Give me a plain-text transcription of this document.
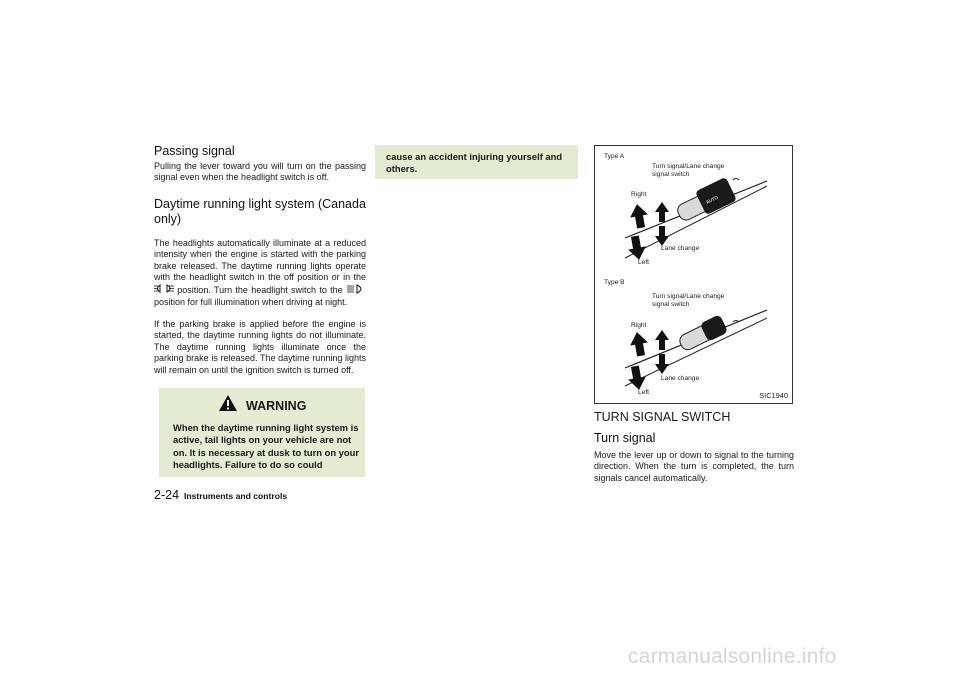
Passing signal

Pulling the lever toward you will turn on the passing signal even when the headlight switch is off.

Daytime running light system (Canada
only)

The headlights automatically illuminate at a reduced intensity when the engine is started with the parking brake released. The daytime running lights operate with the headlight switch in the off position or in the  position. Turn the headlight switch to the  position for full illumination when driving at night.

If the parking brake is applied before the engine is started, the daytime running lights do not illuminate. The daytime running lights illuminate once the parking brake is released. The daytime running lights will remain on until the ignition switch is turned off.

WARNING

When the daytime running light system is active, tail lights on your vehicle are not on. It is necessary at dusk to turn on your headlights. Failure to do so could

cause an accident injuring yourself and others.

2-24 Instruments and controls
AUTO
Type A
Turn signal/Lane change
signal switch
Right
Lane change
Left
Type B
Turn signal/Lane change
signal switch
Right
Lane change
Left	SIC1940
TURN SIGNAL SWITCH
Turn signal

Move the lever up or down to signal to the turning direction. When the turn is completed, the turn signals cancel automatically.

carmanualsonline.info
